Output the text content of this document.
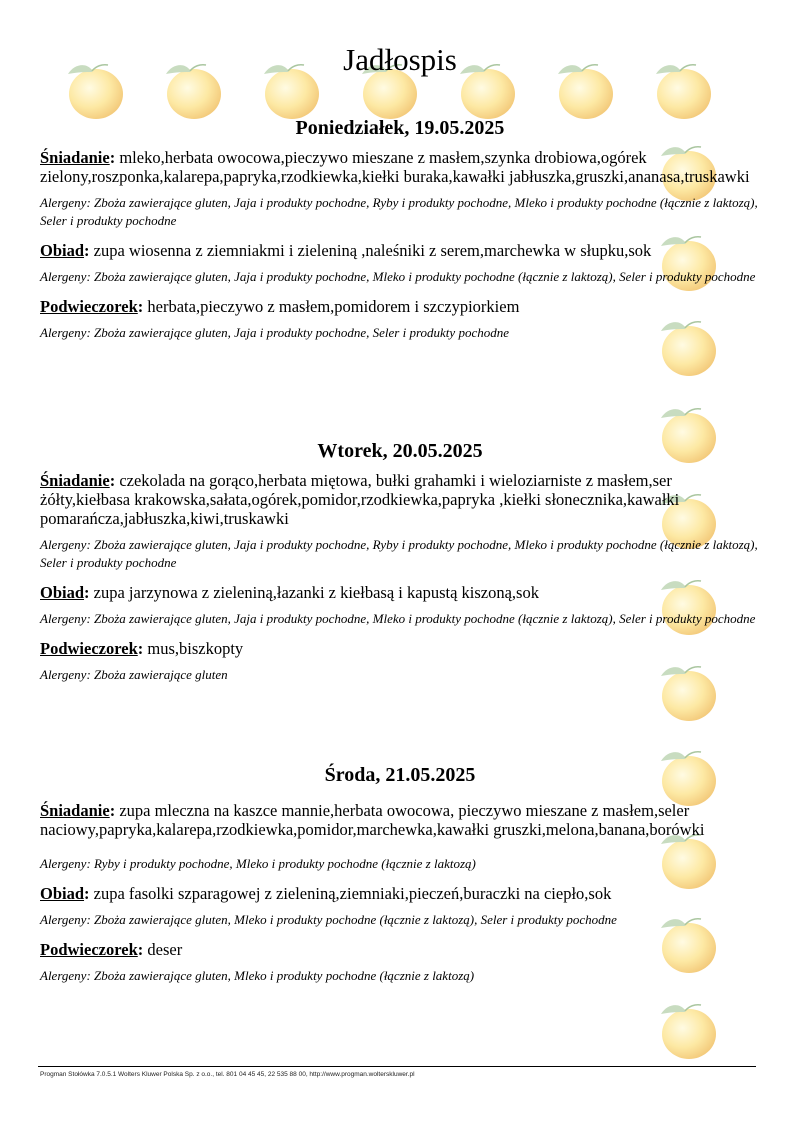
Jadłospis
Poniedziałek, 19.05.2025
Śniadanie: mleko,herbata owocowa,pieczywo mieszane z masłem,szynka drobiowa,ogórek zielony,roszponka,kalarepa,papryka,rzodkiewka,kiełki buraka,kawałki jabłuszka,gruszki,ananasa,truskawki
Alergeny: Zboża zawierające gluten, Jaja i produkty pochodne, Ryby i produkty pochodne, Mleko i produkty pochodne (łącznie z laktozą), Seler i produkty pochodne
Obiad: zupa wiosenna z ziemniakmi i zieleniną ,naleśniki z serem,marchewka w słupku,sok
Alergeny: Zboża zawierające gluten, Jaja i produkty pochodne, Mleko i produkty pochodne (łącznie z laktozą), Seler i produkty pochodne
Podwieczorek: herbata,pieczywo z masłem,pomidorem i szczypiorkiem
Alergeny: Zboża zawierające gluten, Jaja i produkty pochodne, Seler i produkty pochodne
Wtorek, 20.05.2025
Śniadanie: czekolada na gorąco,herbata miętowa, bułki grahamki i wieloziarniste z masłem,ser żółty,kiełbasa krakowska,sałata,ogórek,pomidor,rzodkiewka,papryka ,kiełki słonecznika,kawałki pomarańcza,jabłuszka,kiwi,truskawki
Alergeny: Zboża zawierające gluten, Jaja i produkty pochodne, Ryby i produkty pochodne, Mleko i produkty pochodne (łącznie z laktozą), Seler i produkty pochodne
Obiad: zupa jarzynowa z zieleniną,łazanki z kiełbasą i kapustą kiszoną,sok
Alergeny: Zboża zawierające gluten, Jaja i produkty pochodne, Mleko i produkty pochodne (łącznie z laktozą), Seler i produkty pochodne
Podwieczorek: mus,biszkopty
Alergeny: Zboża zawierające gluten
Środa, 21.05.2025
Śniadanie: zupa mleczna na kaszce mannie,herbata owocowa, pieczywo mieszane z masłem,seler naciowy,papryka,kalarepa,rzodkiewka,pomidor,marchewka,kawałki gruszki,melona,banana,borówki
Alergeny: Ryby i produkty pochodne, Mleko i produkty pochodne (łącznie z laktozą)
Obiad: zupa fasolki szparagowej z zieleniną,ziemniaki,pieczeń,buraczki na ciepło,sok
Alergeny: Zboża zawierające gluten, Mleko i produkty pochodne (łącznie z laktozą), Seler i produkty pochodne
Podwieczorek: deser
Alergeny: Zboża zawierające gluten, Mleko i produkty pochodne (łącznie z laktozą)
Progman Stołówka 7.0.5.1 Wolters Kluwer Polska Sp. z o.o., tel. 801 04 45 45, 22 535 88 00, http://www.progman.wolterskluwer.pl
